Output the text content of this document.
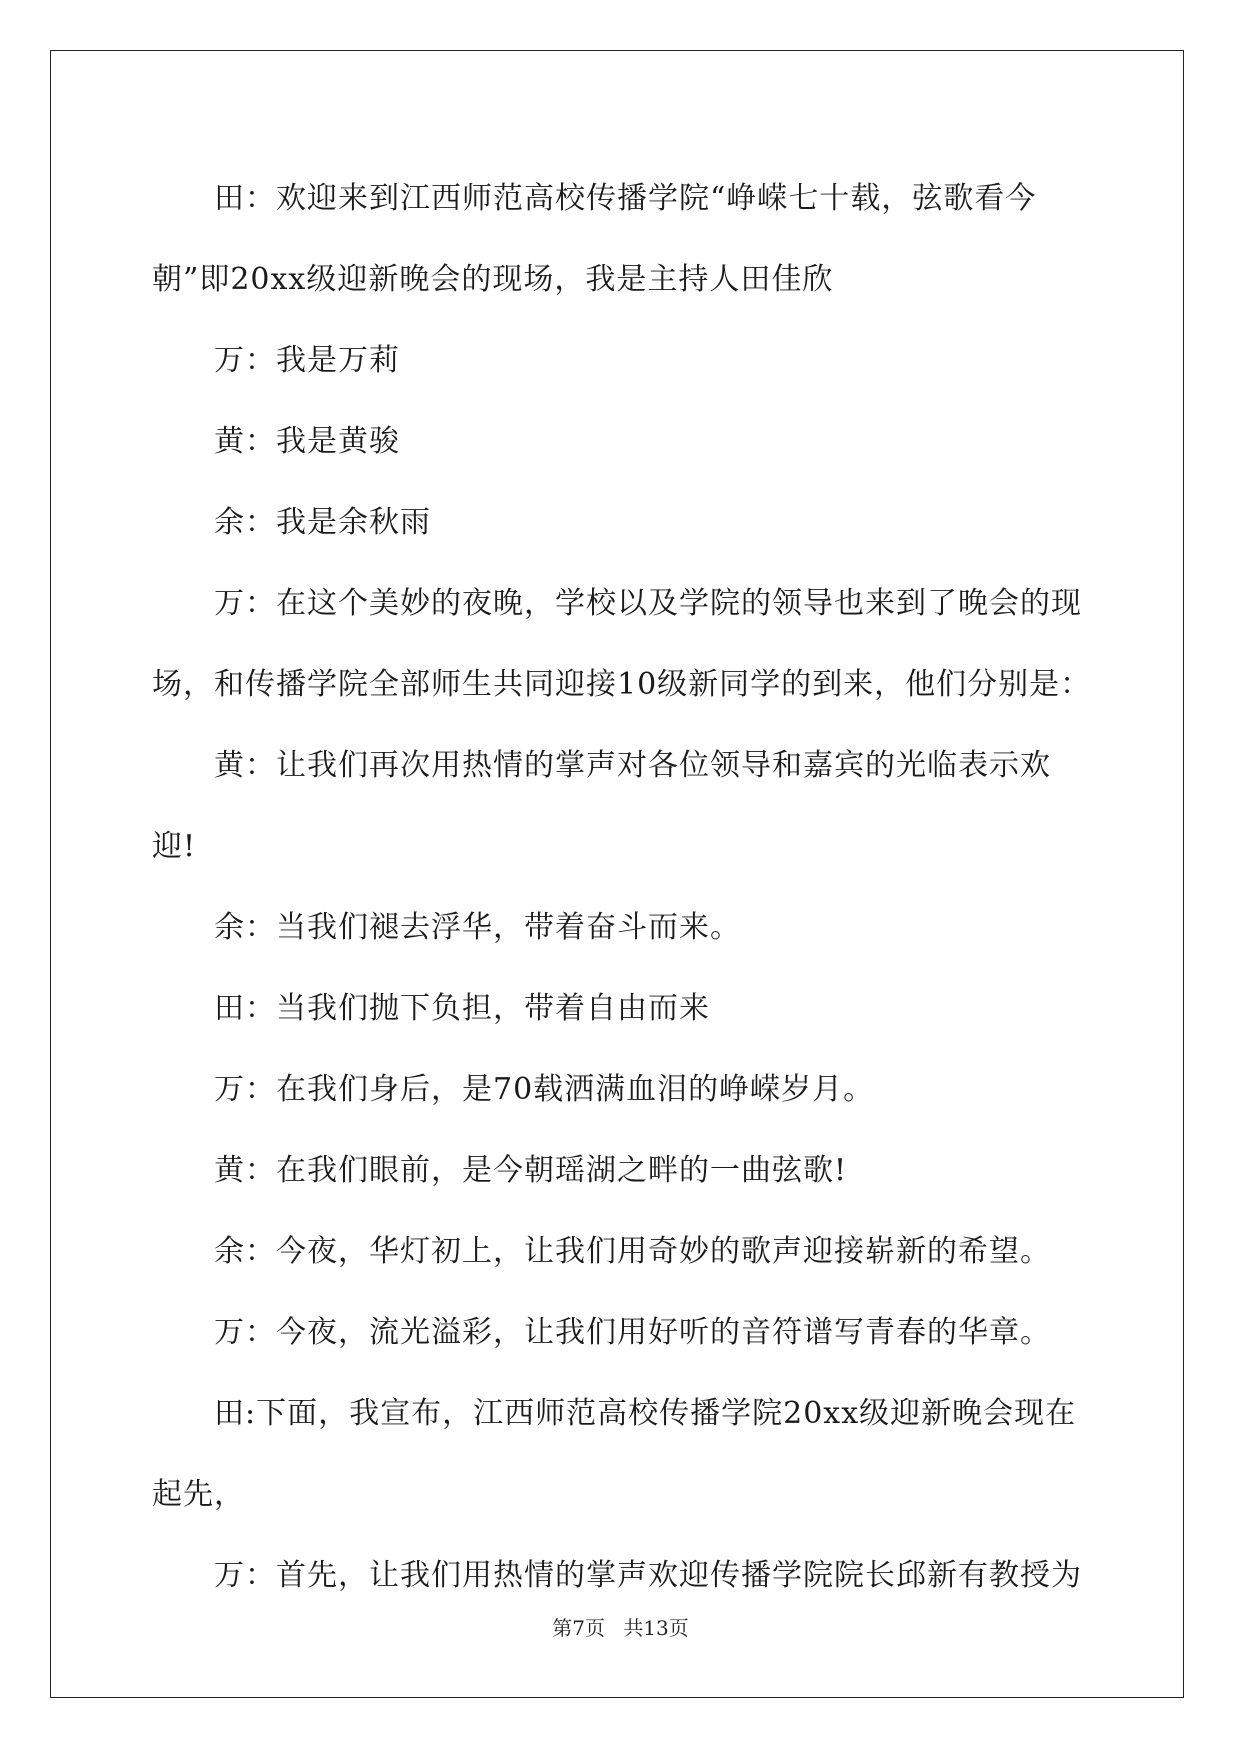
田：欢迎来到江西师范高校传播学院“峥嵘七十载，弦歌看今朝”即20xx级迎新晚会的现场，我是主持人田佳欣

万：我是万莉

黄：我是黄骏

余：我是余秋雨

万：在这个美妙的夜晚，学校以及学院的领导也来到了晚会的现场，和传播学院全部师生共同迎接10级新同学的到来，他们分别是：

黄：让我们再次用热情的掌声对各位领导和嘉宾的光临表示欢迎!

余：当我们褪去浮华，带着奋斗而来。

田：当我们抛下负担，带着自由而来

万：在我们身后，是70载洒满血泪的峥嵘岁月。

黄：在我们眼前，是今朝瑶湖之畔的一曲弦歌!

余：今夜，华灯初上，让我们用奇妙的歌声迎接崭新的希望。

万：今夜，流光溢彩，让我们用好听的音符谱写青春的华章。

田:下面，我宣布，江西师范高校传播学院20xx级迎新晚会现在起先，

万：首先，让我们用热情的掌声欢迎传播学院院长邱新有教授为

第7页 共13页
